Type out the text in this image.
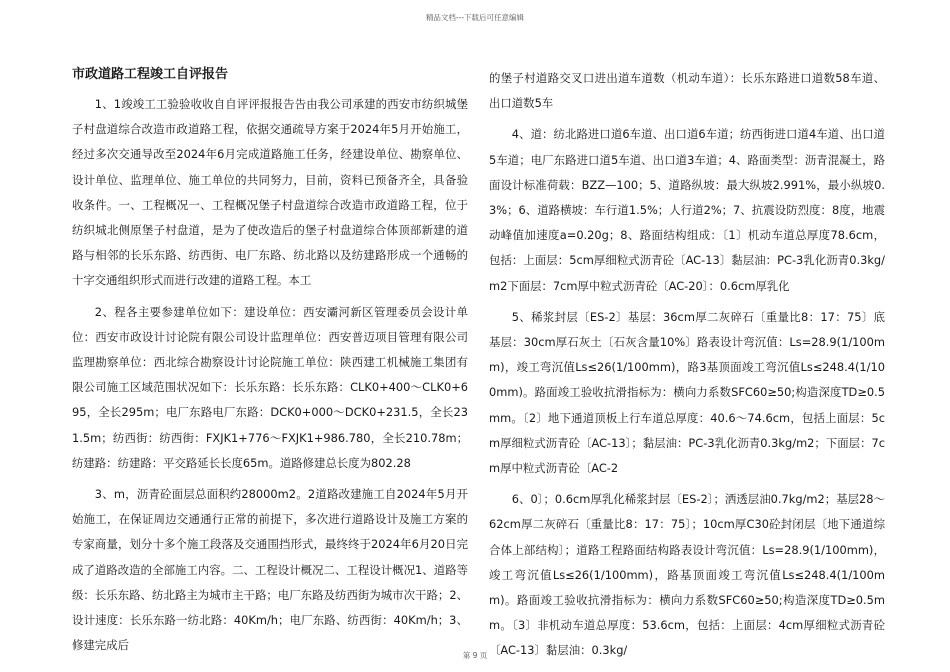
精品文档---下载后可任意编辑
市政道路工程竣工自评报告

1、1竣竣工工验验收收自自评评报报告告由我公司承建的西安市纺织城堡子村盘道综合改造市政道路工程，依据交通疏导方案于2024年5月开始施工，经过多次交通导改至2024年6月完成道路施工任务，经建设单位、勘察单位、设计单位、监理单位、施工单位的共同努力，目前，资料已预备齐全，具备验收条件。一、工程概况一、工程概况堡子村盘道综合改造市政道路工程，位于纺织城北侧原堡子村盘道，是为了使改造后的堡子村盘道综合体顶部新建的道路与相邻的长乐东路、纺西街、电厂东路、纺北路以及纺建路形成一个通畅的十字交通组织形式而进行改建的道路工程。本工

2、程各主要参建单位如下：建设单位：西安灞河新区管理委员会设计单位：西安市政设计讨论院有限公司设计监理单位：西安普迈项目管理有限公司监理勘察单位：西北综合勘察设计讨论院施工单位：陕西建工机械施工集团有限公司施工区域范围状况如下：长乐东路：长乐东路：CLK0+400～CLK0+695，全长295m；电厂东路电厂东路：DCK0+000～DCK0+231.5，全长231.5m；纺西街：纺西街：FXJK1+776～FXJK1+986.780，全长210.78m；纺建路：纺建路：平交路延长长度65m。道路修建总长度为802.28

3、m，沥青砼面层总面积约28000m2。2道路改建施工自2024年5月开始施工，在保证周边交通通行正常的前提下，多次进行道路设计及施工方案的专家商量，划分十多个施工段落及交通围挡形式，最终终于2024年6月20日完成了道路改造的全部施工内容。二、工程设计概况二、工程设计概况1、道路等级：长乐东路、纺北路主为城市主干路；电厂东路及纺西街为城市次干路；2、设计速度：长乐东路一纺北路：40Km/h；电厂东路、纺西街：40Km/h；3、修建完成后

的堡子村道路交叉口进出道车道数（机动车道）：长乐东路进口道数58车道、出口道数5车

4、道：纺北路进口道6车道、出口道6车道；纺西街进口道4车道、出口道5车道；电厂东路进口道5车道、出口道3车道；4、路面类型：沥青混凝土，路面设计标准荷载：BZZ—100；5、道路纵坡：最大纵坡2.991%，最小纵坡0.3%；6、道路横坡：车行道1.5%；人行道2%；7、抗震设防烈度：8度，地震动峰值加速度a=0.20g；8、路面结构组成：〔1〕机动车道总厚度78.6cm，包括：上面层：5cm厚细粒式沥青砼〔AC-13〕黏层油：PC-3乳化沥青0.3kg/m2下面层：7cm厚中粒式沥青砼〔AC-20〕：0.6cm厚乳化

5、稀浆封层〔ES-2〕基层：36cm厚二灰碎石〔重量比8：17：75〕底基层：30cm厚石灰土〔石灰含量10%〕路表设计弯沉值：Ls=28.9(1/100mm)，竣工弯沉值Ls≤26(1/100mm)，路3基顶面竣工弯沉值Ls≤248.4(1/100mm)。路面竣工验收抗滑指标为：横向力系数SFC60≥50;构造深度TD≥0.5mm。〔2〕地下通道顶板上行车道总厚度：40.6～74.6cm，包括上面层：5cm厚细粒式沥青砼〔AC-13〕；黏层油：PC-3乳化沥青0.3kg/m2；下面层：7cm厚中粒式沥青砼〔AC-2

6、0〕；0.6cm厚乳化稀浆封层〔ES-2〕；洒透层油0.7kg/m2；基层28～62cm厚二灰碎石〔重量比8：17：75〕；10cm厚C30砼封闭层〔地下通道综合体上部结构〕；道路工程路面结构路表设计弯沉值：Ls=28.9(1/100mm)，竣工弯沉值Ls≤26(1/100mm)，路基顶面竣工弯沉值Ls≤248.4(1/100mm)。路面竣工验收抗滑指标为：横向力系数SFC60≥50;构造深度TD≥0.5mm。〔3〕非机动车道总厚度：53.6cm，包括：上面层：4cm厚细粒式沥青砼〔AC-13〕黏层油：0.3kg/

第 9 页
